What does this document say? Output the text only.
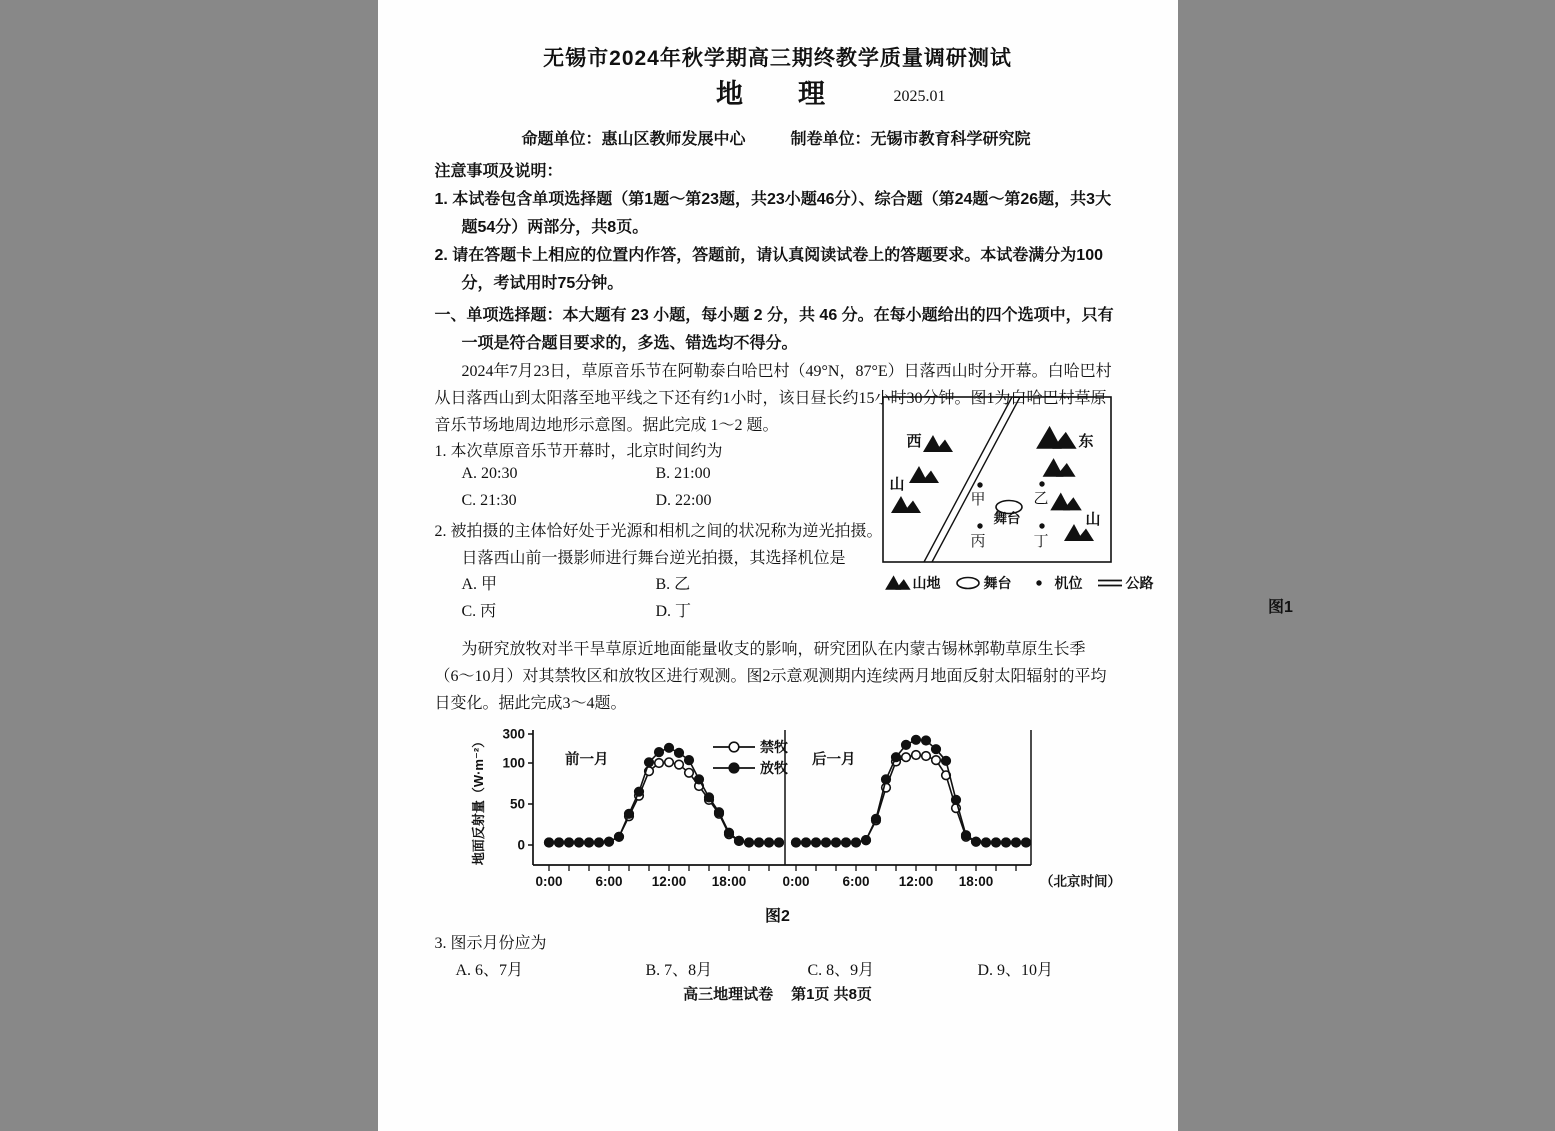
无锡市2024年秋学期高三期终教学质量调研测试
地　理	2025.01
命题单位：惠山区教师发展中心	制卷单位：无锡市教育科学研究院
注意事项及说明：
1. 本试卷包含单项选择题（第1题～第23题，共23小题46分）、综合题（第24题～第26题，共3大
题54分）两部分，共8页。
2. 请在答题卡上相应的位置内作答，答题前，请认真阅读试卷上的答题要求。本试卷满分为100
分，考试用时75分钟。
一、单项选择题：本大题有 23 小题，每小题 2 分，共 46 分。在每小题给出的四个选项中，只有
一项是符合题目要求的，多选、错选均不得分。
2024年7月23日，草原音乐节在阿勒泰白哈巴村（49°N，87°E）日落西山时分开幕。白哈巴村
从日落西山到太阳落至地平线之下还有约1小时，该日昼长约15小时30分钟。图1为白哈巴村草原
音乐节场地周边地形示意图。据此完成 1～2 题。
1. 本次草原音乐节开幕时，北京时间约为
A. 20:30	B. 21:00
C. 21:30	D. 22:00
2. 被拍摄的主体恰好处于光源和相机之间的状况称为逆光拍摄。
日落西山前一摄影师进行舞台逆光拍摄，其选择机位是
A. 甲	B. 乙
C. 丙	D. 丁
西
山
东
山
甲	乙
丙	丁
舞台
山地	舞台	机位	公路
图1
为研究放牧对半干旱草原近地面能量收支的影响，研究团队在内蒙古锡林郭勒草原生长季
（6～10月）对其禁牧区和放牧区进行观测。图2示意观测期内连续两月地面反射太阳辐射的平均
日变化。据此完成3～4题。
0
50
100
300
地面反射量（W·m⁻²）
0:00 6:00 12:00 18:00
前一月
0:00 6:00 12:00 18:00
后一月
禁牧
放牧
（北京时间）
图2
3. 图示月份应为
A. 6、7月	B. 7、8月	C. 8、9月	D. 9、10月
高三地理试卷 第1页 共8页
